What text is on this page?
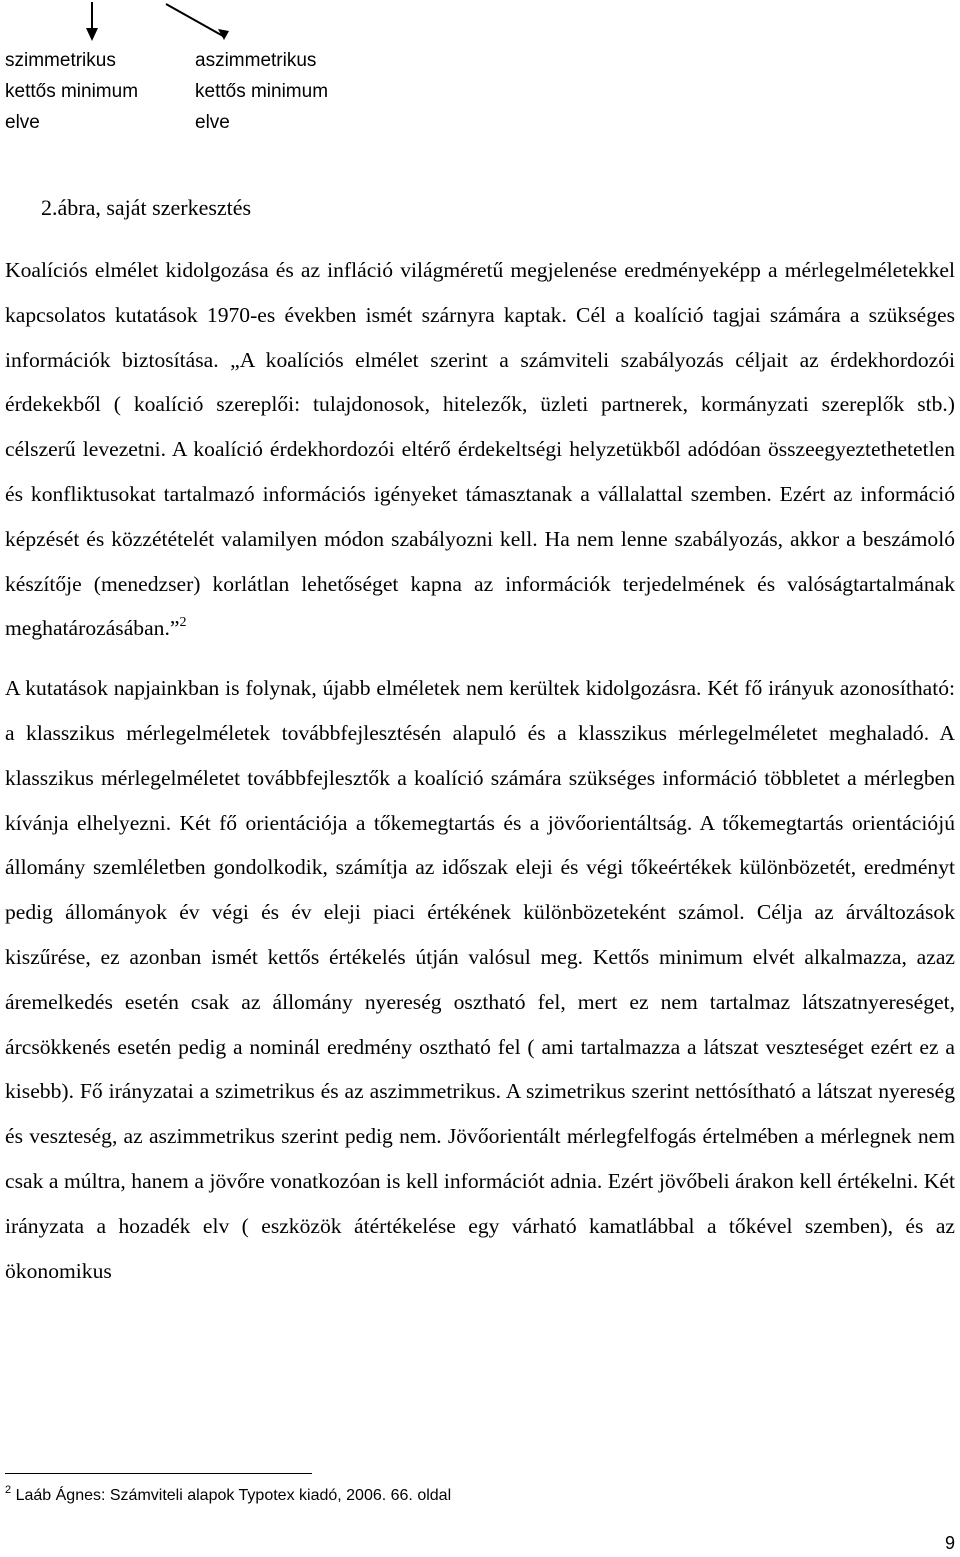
szimmetrikus
kettős minimum
elve
aszimmetrikus
kettős minimum
elve
2.ábra, saját szerkesztés

Koalíciós elmélet kidolgozása és az infláció világméretű megjelenése eredményeképp a mérlegelméletekkel kapcsolatos kutatások 1970-es években ismét szárnyra kaptak. Cél a koalíció tagjai számára a szükséges információk biztosítása. „A koalíciós elmélet szerint a számviteli szabályozás céljait az érdekhordozói érdekekből ( koalíció szereplői: tulajdonosok, hitelezők, üzleti partnerek, kormányzati szereplők stb.) célszerű levezetni. A koalíció érdekhordozói eltérő érdekeltségi helyzetükből adódóan összeegyeztethetetlen és konfliktusokat tartalmazó információs igényeket támasztanak a vállalattal szemben. Ezért az információ képzését és közzétételét valamilyen módon szabályozni kell. Ha nem lenne szabályozás, akkor a beszámoló készítője (menedzser) korlátlan lehetőséget kapna az információk terjedelmének és valóságtartalmának meghatározásában.”$^2$

A kutatások napjainkban is folynak, újabb elméletek nem kerültek kidolgozásra. Két fő irányuk azonosítható: a klasszikus mérlegelméletek továbbfejlesztésén alapuló és a klasszikus mérlegelméletet meghaladó. A klasszikus mérlegelméletet továbbfejlesztők a koalíció számára szükséges információ többletet a mérlegben kívánja elhelyezni. Két fő orientációja a tőkemegtartás és a jövőorientáltság. A tőkemegtartás orientációjú állomány szemléletben gondolkodik, számítja az időszak eleji és végi tőkeértékek különbözetét, eredményt pedig állományok év végi és év eleji piaci értékének különbözeteként számol. Célja az árváltozások kiszűrése, ez azonban ismét kettős értékelés útján valósul meg. Kettős minimum elvét alkalmazza, azaz áremelkedés esetén csak az állomány nyereség osztható fel, mert ez nem tartalmaz látszatnyereséget, árcsökkenés esetén pedig a nominál eredmény osztható fel ( ami tartalmazza a látszat veszteséget ezért ez a kisebb). Fő irányzatai a szimetrikus és az aszimmetrikus. A szimetrikus szerint nettósítható a látszat nyereség és veszteség, az aszimmetrikus szerint pedig nem. Jövőorientált mérlegfelfogás értelmében a mérlegnek nem csak a múltra, hanem a jövőre vonatkozóan is kell információt adnia. Ezért jövőbeli árakon kell értékelni. Két irányzata a hozadék elv ( eszközök átértékelése egy várható kamatlábbal a tőkével szemben), és az ökonomikus

$^2$ Laáb Ágnes: Számviteli alapok Typotex kiadó, 2006. 66. oldal
9
